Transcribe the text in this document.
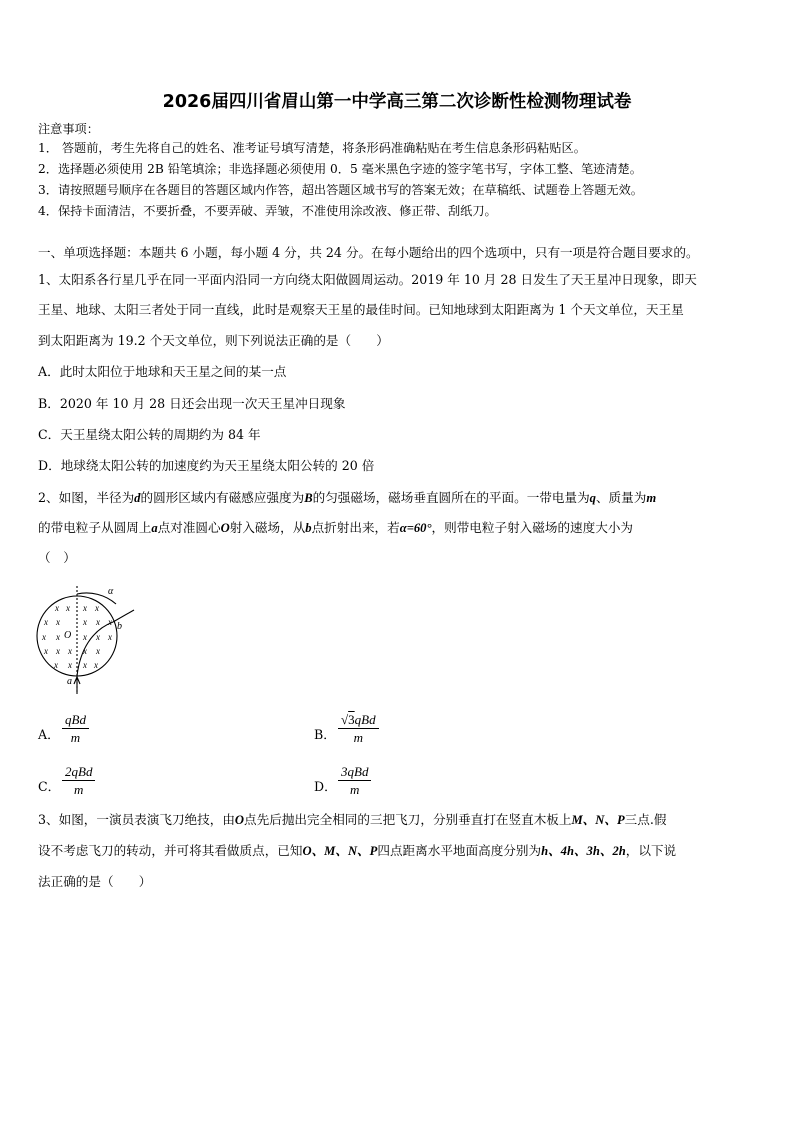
2026届四川省眉山第一中学高三第二次诊断性检测物理试卷
注意事项：
1． 答题前，考生先将自己的姓名、准考证号填写清楚，将条形码准确粘贴在考生信息条形码粘贴区。
2．选择题必须使用 2B 铅笔填涂；非选择题必须使用 0．5 毫米黑色字迹的签字笔书写，字体工整、笔迹清楚。
3．请按照题号顺序在各题目的答题区域内作答，超出答题区域书写的答案无效；在草稿纸、试题卷上答题无效。
4．保持卡面清洁，不要折叠，不要弄破、弄皱，不准使用涂改液、修正带、刮纸刀。
一、单项选择题：本题共 6 小题，每小题 4 分，共 24 分。在每小题给出的四个选项中，只有一项是符合题目要求的。
1、太阳系各行星几乎在同一平面内沿同一方向绕太阳做圆周运动。2019 年 10 月 28 日发生了天王星冲日现象，即天
王星、地球、太阳三者处于同一直线，此时是观察天王星的最佳时间。已知地球到太阳距离为 1 个天文单位，天王星
到太阳距离为 19.2 个天文单位，则下列说法正确的是（　　）
A．此时太阳位于地球和天王星之间的某一点
B．2020 年 10 月 28 日还会出现一次天王星冲日现象
C．天王星绕太阳公转的周期约为 84 年
D．地球绕太阳公转的加速度约为天王星绕太阳公转的 20 倍
2、如图，半径为d的圆形区域内有磁感应强度为B的匀强磁场，磁场垂直圆所在的平面。一带电量为q、质量为m
的带电粒子从圆周上a点对准圆心O射入磁场，从b点折射出来，若α=60°，则带电粒子射入磁场的速度大小为
（　）
α
b
O
a
x x x x
x x	x x x
x x	x x x
x x x x x
x x x x
A．
qBd
m	B．
√3qBd
m
C．
2qBd
m	D．
3qBd
m
3、如图，一演员表演飞刀绝技，由O点先后抛出完全相同的三把飞刀，分别垂直打在竖直木板上M、N、P三点.假
设不考虑飞刀的转动，并可将其看做质点，已知O、M、N、P四点距离水平地面高度分别为h、4h、3h、2h，以下说
法正确的是（　　）
